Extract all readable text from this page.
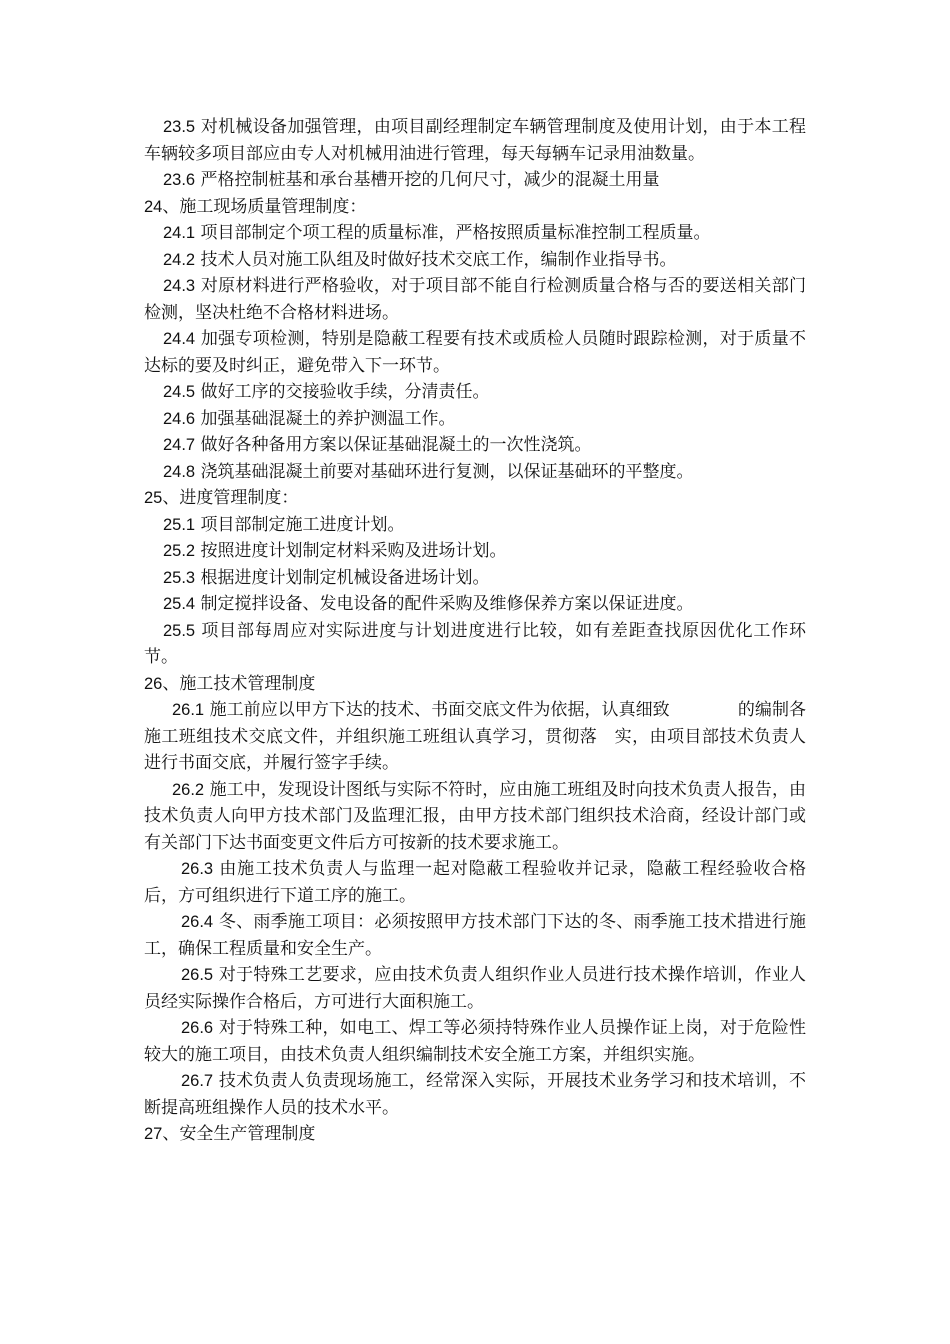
23.5 对机械设备加强管理，由项目副经理制定车辆管理制度及使用计划，由于本工程车辆较多项目部应由专人对机械用油进行管理，每天每辆车记录用油数量。

23.6 严格控制桩基和承台基槽开挖的几何尺寸，减少的混凝土用量

24、施工现场质量管理制度：

24.1 项目部制定个项工程的质量标准，严格按照质量标准控制工程质量。

24.2 技术人员对施工队组及时做好技术交底工作，编制作业指导书。

24.3 对原材料进行严格验收，对于项目部不能自行检测质量合格与否的要送相关部门检测，坚决杜绝不合格材料进场。

24.4 加强专项检测，特别是隐蔽工程要有技术或质检人员随时跟踪检测，对于质量不达标的要及时纠正，避免带入下一环节。

24.5 做好工序的交接验收手续，分清责任。

24.6 加强基础混凝土的养护测温工作。

24.7 做好各种备用方案以保证基础混凝土的一次性浇筑。

24.8 浇筑基础混凝土前要对基础环进行复测，以保证基础环的平整度。

25、进度管理制度：

25.1 项目部制定施工进度计划。

25.2 按照进度计划制定材料采购及进场计划。

25.3 根据进度计划制定机械设备进场计划。

25.4 制定搅拌设备、发电设备的配件采购及维修保养方案以保证进度。

25.5 项目部每周应对实际进度与计划进度进行比较，如有差距查找原因优化工作环节。

26、施工技术管理制度

26.1 施工前应以甲方下达的技术、书面交底文件为依据，认真细致　　　　的编制各施工班组技术交底文件，并组织施工班组认真学习，贯彻落　实，由项目部技术负责人进行书面交底，并履行签字手续。

26.2 施工中，发现设计图纸与实际不符时，应由施工班组及时向技术负责人报告，由技术负责人向甲方技术部门及监理汇报，由甲方技术部门组织技术洽商，经设计部门或有关部门下达书面变更文件后方可按新的技术要求施工。

26.3 由施工技术负责人与监理一起对隐蔽工程验收并记录，隐蔽工程经验收合格后，方可组织进行下道工序的施工。

26.4 冬、雨季施工项目：必须按照甲方技术部门下达的冬、雨季施工技术措进行施工，确保工程质量和安全生产。

26.5 对于特殊工艺要求，应由技术负责人组织作业人员进行技术操作培训，作业人员经实际操作合格后，方可进行大面积施工。

26.6 对于特殊工种，如电工、焊工等必须持特殊作业人员操作证上岗，对于危险性较大的施工项目，由技术负责人组织编制技术安全施工方案，并组织实施。

26.7 技术负责人负责现场施工，经常深入实际，开展技术业务学习和技术培训，不断提高班组操作人员的技术水平。

27、安全生产管理制度
